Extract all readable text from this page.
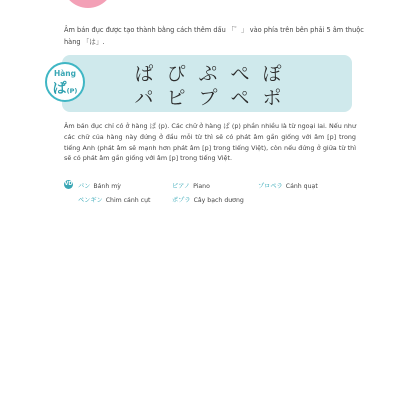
Âm bán đục được tạo thành bằng cách thêm dấu 「゜」 vào phía trên bên phải 5 âm thuộc hàng 「は」.
Hàng
ぱ(P)
ぱ ぴ ぷ ぺ ぽ
パ ピ プ ペ ポ
Âm bán đục chỉ có ở hàng ぱ (p). Các chữ ở hàng ぱ (p) phần nhiều là từ ngoại lai. Nếu như các chữ của hàng này đứng ở đầu mỗi từ thì sẽ có phát âm gần giống với âm [p] trong tiếng Anh (phát âm sẽ mạnh hơn phát âm [p] trong tiếng Việt), còn nếu đứng ở giữa từ thì sẽ có phát âm gần giống với âm [p] trong tiếng Việt.
VD パン Bánh mỳ	ピアノ Piano	プロペラ Cánh quạt
ペンギン Chim cánh cụt	ポプラ Cây bạch dương
